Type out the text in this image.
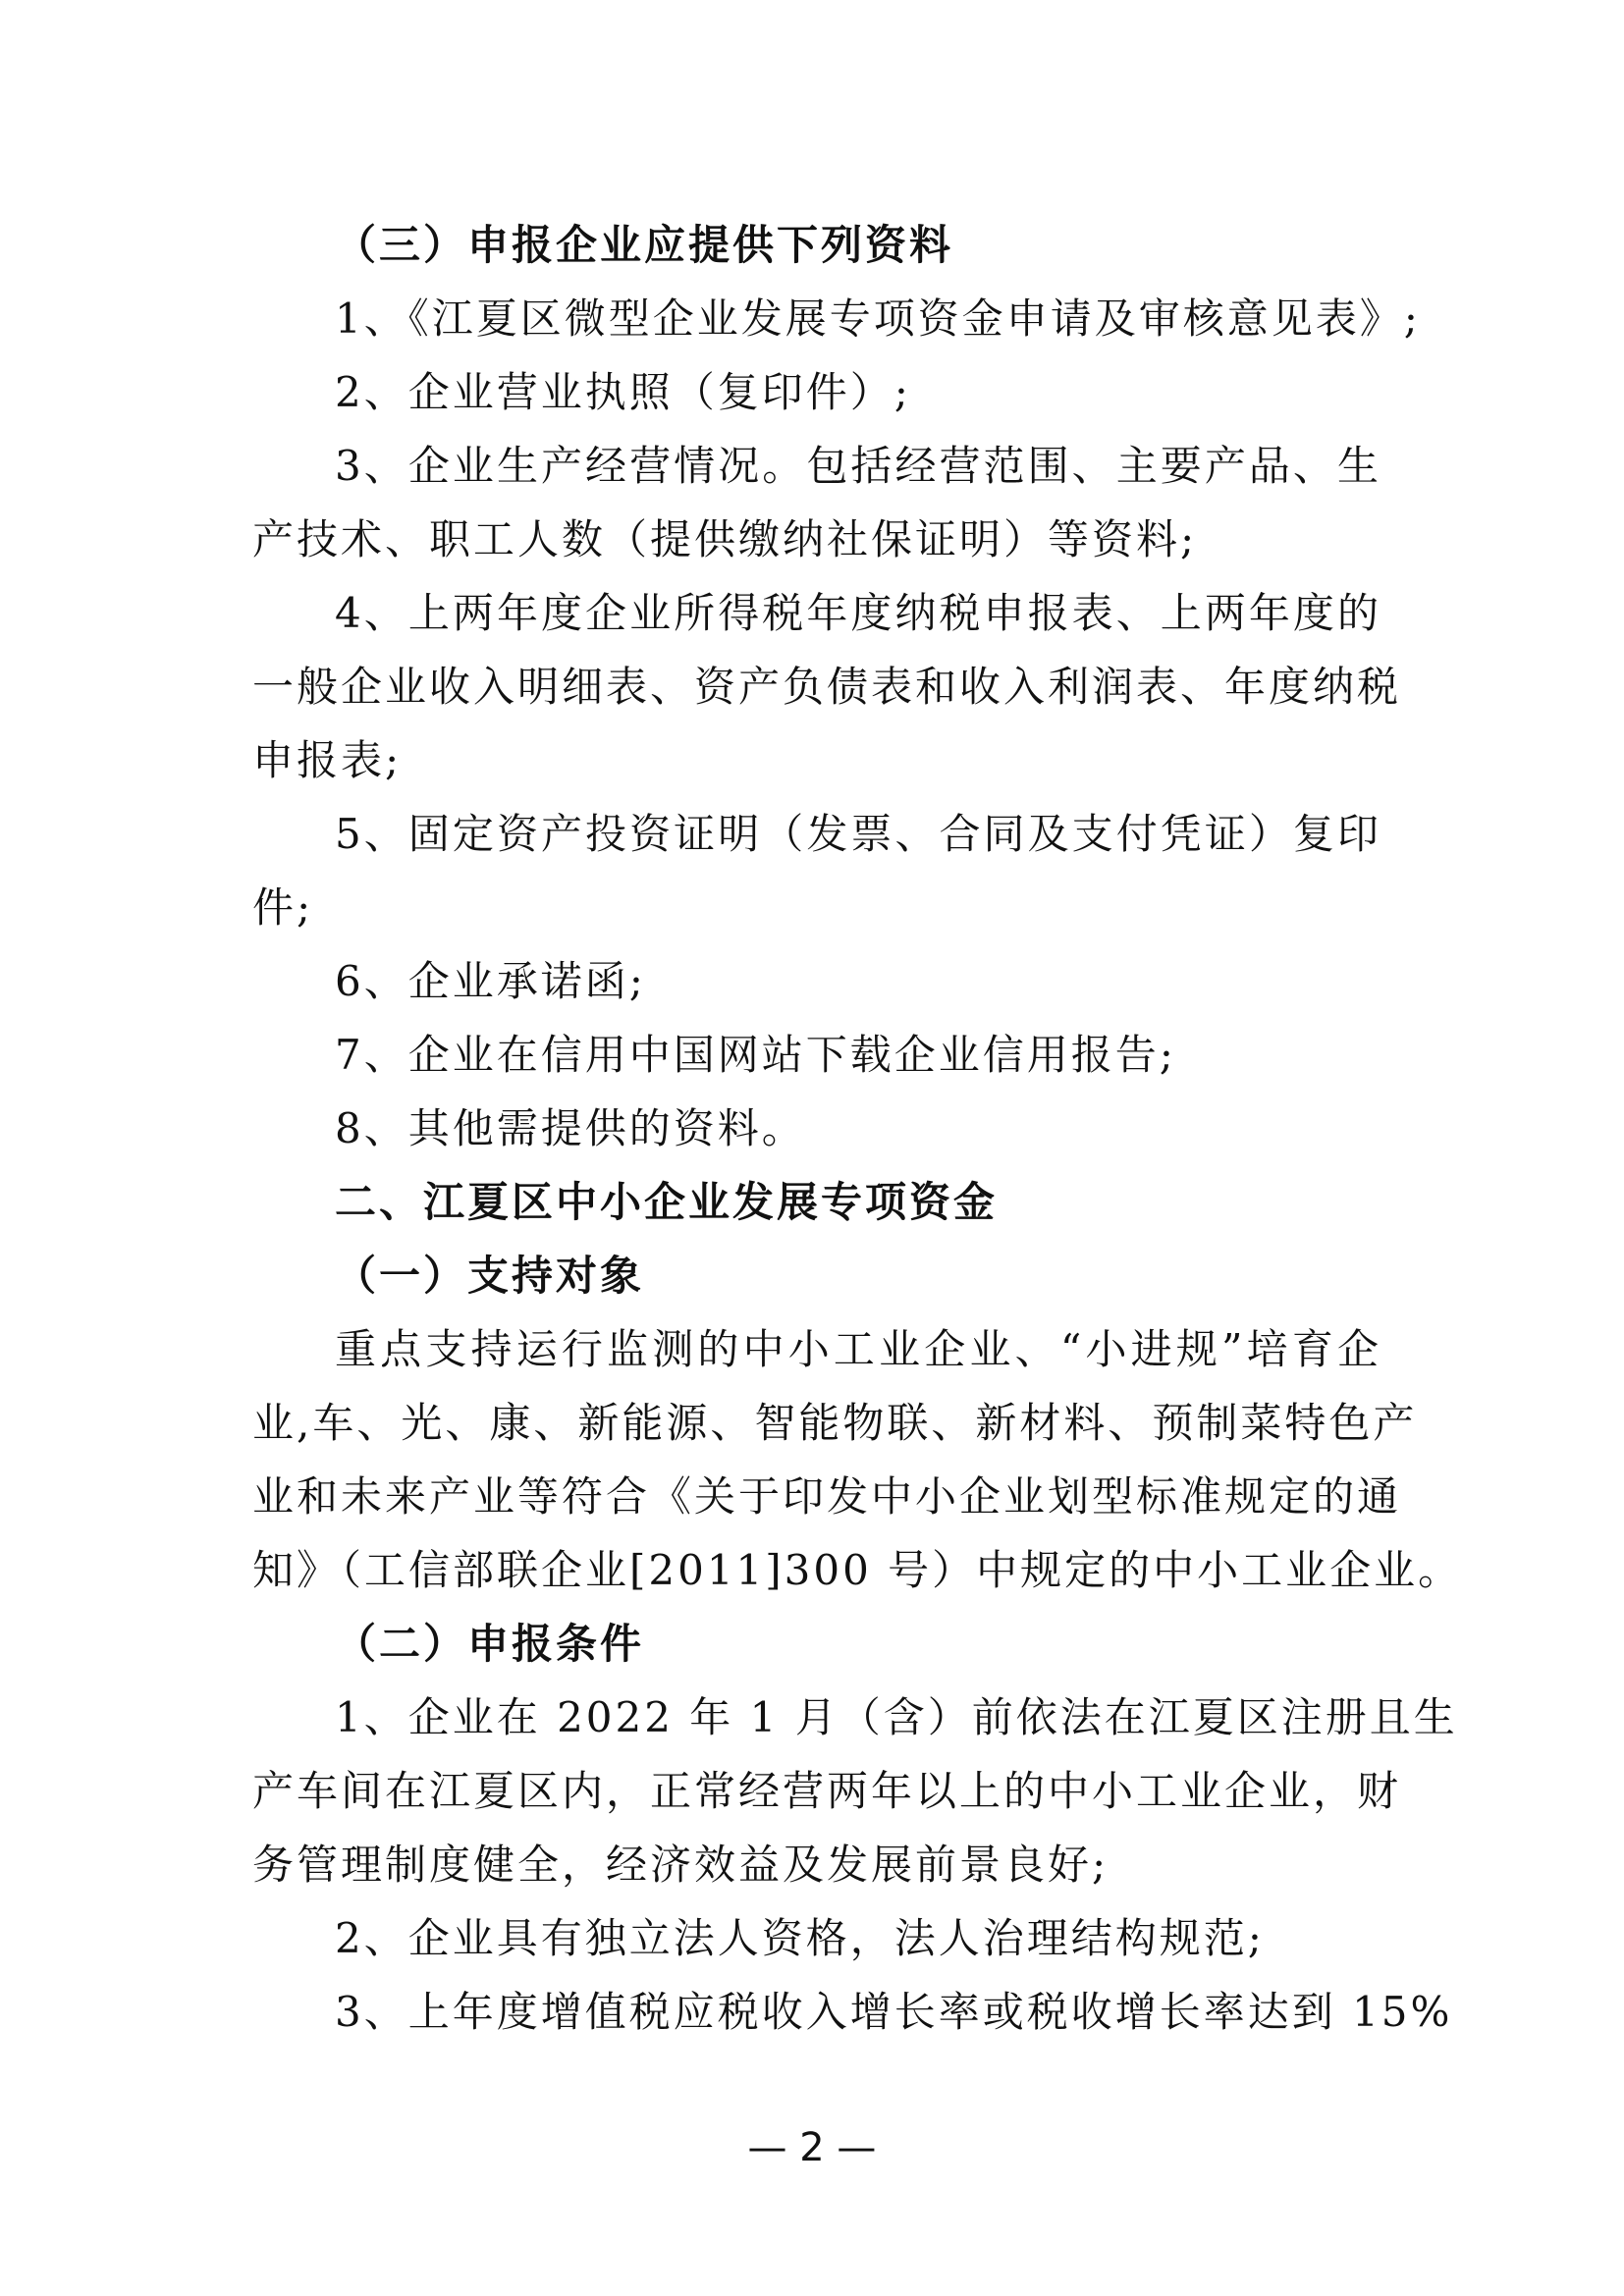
（三）申报企业应提供下列资料
1、《江夏区微型企业发展专项资金申请及审核意见表》;
2、企业营业执照（复印件）;
3、企业生产经营情况。包括经营范围、主要产品、生
产技术、职工人数（提供缴纳社保证明）等资料;
4、上两年度企业所得税年度纳税申报表、上两年度的
一般企业收入明细表、资产负债表和收入利润表、年度纳税
申报表;
5、固定资产投资证明（发票、合同及支付凭证）复印
件;
6、企业承诺函;
7、企业在信用中国网站下载企业信用报告;
8、其他需提供的资料。
二、江夏区中小企业发展专项资金
（一）支持对象
重点支持运行监测的中小工业企业、“小进规”培育企
业,车、光、康、新能源、智能物联、新材料、预制菜特色产
业和未来产业等符合《关于印发中小企业划型标准规定的通
知》（工信部联企业[2011]300 号）中规定的中小工业企业。
（二）申报条件
1、企业在 2022 年 1 月（含）前依法在江夏区注册且生
产车间在江夏区内，正常经营两年以上的中小工业企业，财
务管理制度健全，经济效益及发展前景良好;
2、企业具有独立法人资格，法人治理结构规范;
3、上年度增值税应税收入增长率或税收增长率达到 15%
— 2 —
